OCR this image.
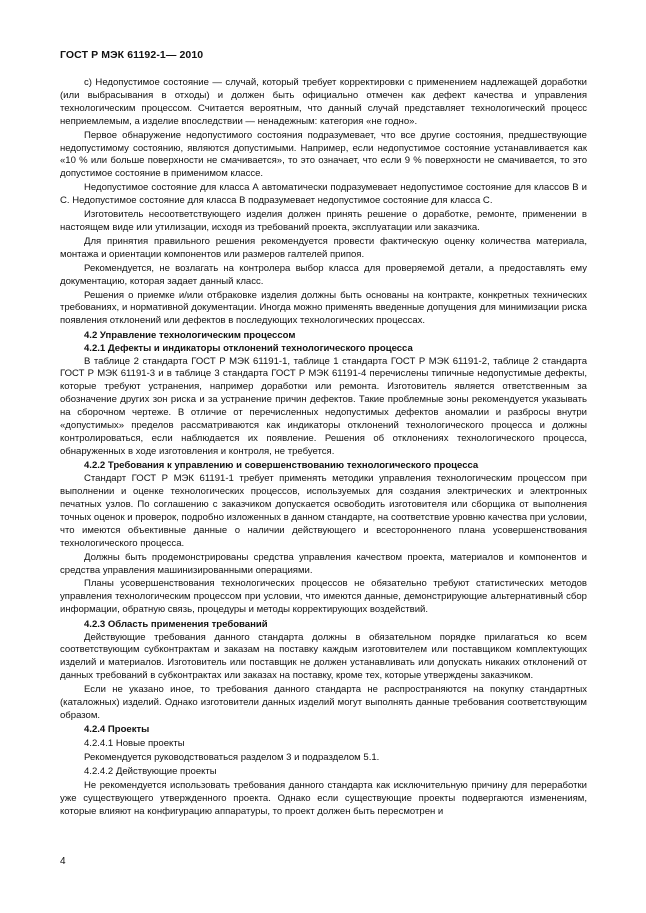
ГОСТ Р МЭК 61192-1— 2010

c) Недопустимое состояние — случай, который требует корректировки с применением надлежащей доработки (или выбрасывания в отходы) и должен быть официально отмечен как дефект качества и управления технологическим процессом. Считается вероятным, что данный случай представляет технологический процесс неприемлемым, а изделие впоследствии — ненадежным: категория «не годно».

Первое обнаружение недопустимого состояния подразумевает, что все другие состояния, предшествующие недопустимому состоянию, являются допустимыми. Например, если недопустимое состояние устанавливается как «10 % или больше поверхности не смачивается», то это означает, что если 9 % поверхности не смачивается, то это допустимое состояние в применимом классе.

Недопустимое состояние для класса А автоматически подразумевает недопустимое состояние для классов В и С. Недопустимое состояние для класса В подразумевает недопустимое состояние для класса С.

Изготовитель несоответствующего изделия должен принять решение о доработке, ремонте, применении в настоящем виде или утилизации, исходя из требований проекта, эксплуатации или заказчика.

Для принятия правильного решения рекомендуется провести фактическую оценку количества материала, монтажа и ориентации компонентов или размеров галтелей припоя.

Рекомендуется, не возлагать на контролера выбор класса для проверяемой детали, а предоставлять ему документацию, которая задает данный класс.

Решения о приемке и/или отбраковке изделия должны быть основаны на контракте, конкретных технических требованиях, и нормативной документации. Иногда можно применять введенные допущения для минимизации риска появления отклонений или дефектов в последующих технологических процессах.

4.2 Управление технологическим процессом

4.2.1 Дефекты и индикаторы отклонений технологического процесса

В таблице 2 стандарта ГОСТ Р МЭК 61191-1, таблице 1 стандарта ГОСТ Р МЭК 61191-2, таблице 2 стандарта ГОСТ Р МЭК 61191-3 и в таблице 3 стандарта ГОСТ Р МЭК 61191-4 перечислены типичные недопустимые дефекты, которые требуют устранения, например доработки или ремонта. Изготовитель является ответственным за обозначение других зон риска и за устранение причин дефектов. Такие проблемные зоны рекомендуется указывать на сборочном чертеже. В отличие от перечисленных недопустимых дефектов аномалии и разбросы внутри «допустимых» пределов рассматриваются как индикаторы отклонений технологического процесса и должны контролироваться, если наблюдается их появление. Решения об отклонениях технологического процесса, обнаруженных в ходе изготовления и контроля, не требуется.

4.2.2 Требования к управлению и совершенствованию технологического процесса

Стандарт ГОСТ Р МЭК 61191-1 требует применять методики управления технологическим процессом при выполнении и оценке технологических процессов, используемых для создания электрических и электронных печатных узлов. По соглашению с заказчиком допускается освободить изготовителя или сборщика от выполнения точных оценок и проверок, подробно изложенных в данном стандарте, на соответствие уровню качества при условии, что имеются объективные данные о наличии действующего и всесторонненого плана усовершенствования технологического процесса.

Должны быть продемонстрированы средства управления качеством проекта, материалов и компонентов и средства управления машинизированными операциями.

Планы усовершенствования технологических процессов не обязательно требуют статистических методов управления технологическим процессом при условии, что имеются данные, демонстрирующие альтернативный сбор информации, обратную связь, процедуры и методы корректирующих воздействий.

4.2.3 Область применения требований

Действующие требования данного стандарта должны в обязательном порядке прилагаться ко всем соответствующим субконтрактам и заказам на поставку каждым изготовителем или поставщиком комплектующих изделий и материалов. Изготовитель или поставщик не должен устанавливать или допускать никаких отклонений от данных требований в субконтрактах или заказах на поставку, кроме тех, которые утверждены заказчиком.

Если не указано иное, то требования данного стандарта не распространяются на покупку стандартных (каталожных) изделий. Однако изготовители данных изделий могут выполнять данные требования соответствующим образом.

4.2.4 Проекты

4.2.4.1 Новые проекты

Рекомендуется руководствоваться разделом 3 и подразделом 5.1.

4.2.4.2 Действующие проекты

Не рекомендуется использовать требования данного стандарта как исключительную причину для переработки уже существующего утвержденного проекта. Однако если существующие проекты подвергаются изменениям, которые влияют на конфигурацию аппаратуры, то проект должен быть пересмотрен и

4
